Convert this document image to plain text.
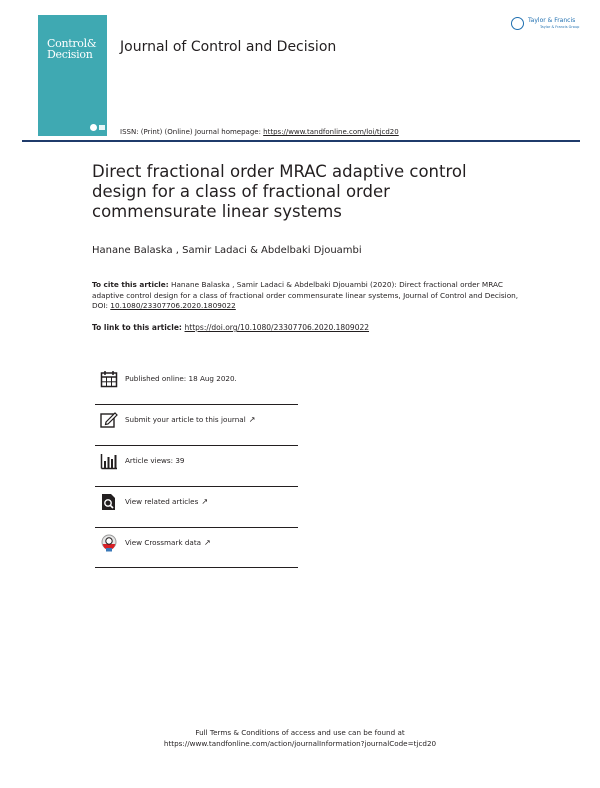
Control&
Decision Journal of Control and Decision
Taylor & Francis
Taylor & Francis Group
ISSN: (Print) (Online) Journal homepage: https://www.tandfonline.com/loi/tjcd20
Direct fractional order MRAC adaptive control design for a class of fractional order commensurate linear systems
Hanane Balaska , Samir Ladaci & Abdelbaki Djouambi
To cite this article: Hanane Balaska , Samir Ladaci & Abdelbaki Djouambi (2020): Direct fractional order MRAC adaptive control design for a class of fractional order commensurate linear systems, Journal of Control and Decision, DOI: 10.1080/23307706.2020.1809022
To link to this article: https://doi.org/10.1080/23307706.2020.1809022
Published online: 18 Aug 2020.
Submit your article to this journal ↗
Article views: 39
View related articles ↗
View Crossmark data ↗
Full Terms & Conditions of access and use can be found at
https://www.tandfonline.com/action/journalInformation?journalCode=tjcd20
